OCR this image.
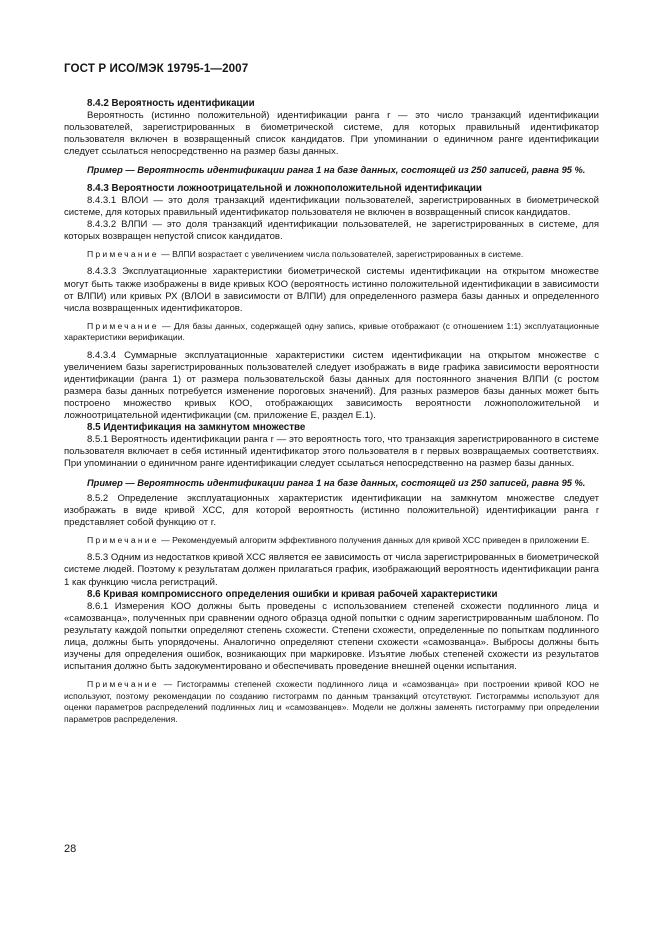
ГОСТ Р ИСО/МЭК 19795-1—2007

8.4.2 Вероятность идентификации

Вероятность (истинно положительной) идентификации ранга r — это число транзакций идентификации пользователей, зарегистрированных в биометрической системе, для которых правильный идентификатор пользователя включен в возвращенный список кандидатов. При упоминании о единичном ранге идентификации следует ссылаться непосредственно на размер базы данных.

Пример — Вероятность идентификации ранга 1 на базе данных, состоящей из 250 записей, равна 95 %.

8.4.3 Вероятности ложноотрицательной и ложноположительной идентификации

8.4.3.1 ВЛОИ — это доля транзакций идентификации пользователей, зарегистрированных в биометрической системе, для которых правильный идентификатор пользователя не включен в возвращенный список кандидатов.

8.4.3.2 ВЛПИ — это доля транзакций идентификации пользователей, не зарегистрированных в системе, для которых возвращен непустой список кандидатов.

Примечание — ВЛПИ возрастает с увеличением числа пользователей, зарегистрированных в системе.

8.4.3.3 Эксплуатационные характеристики биометрической системы идентификации на открытом множестве могут быть также изображены в виде кривых КОО (вероятность истинно положительной идентификации в зависимости от ВЛПИ) или кривых РХ (ВЛОИ в зависимости от ВЛПИ) для определенного размера базы данных и определенного числа возвращенных идентификаторов.

Примечание — Для базы данных, содержащей одну запись, кривые отображают (с отношением 1:1) эксплуатационные характеристики верификации.

8.4.3.4 Суммарные эксплуатационные характеристики систем идентификации на открытом множестве с увеличением базы зарегистрированных пользователей следует изображать в виде графика зависимости вероятности идентификации (ранга 1) от размера пользовательской базы данных для постоянного значения ВЛПИ (с ростом размера базы данных потребуется изменение пороговых значений). Для разных размеров базы данных может быть построено множество кривых КОО, отображающих зависимость вероятности ложноположительной и ложноотрицательной идентификации (см. приложение Е, раздел Е.1).

8.5 Идентификация на замкнутом множестве

8.5.1 Вероятность идентификации ранга r — это вероятность того, что транзакция зарегистрированного в системе пользователя включает в себя истинный идентификатор этого пользователя в r первых возвращаемых соответствиях. При упоминании о единичном ранге идентификации следует ссылаться непосредственно на размер базы данных.

Пример — Вероятность идентификации ранга 1 на базе данных, состоящей из 250 записей, равна 95 %.

8.5.2 Определение эксплуатационных характеристик идентификации на замкнутом множестве следует изображать в виде кривой ХСС, для которой вероятность (истинно положительной) идентификации ранга r представляет собой функцию от r.

Примечание — Рекомендуемый алгоритм эффективного получения данных для кривой ХСС приведен в приложении Е.

8.5.3 Одним из недостатков кривой ХСС является ее зависимость от числа зарегистрированных в биометрической системе людей. Поэтому к результатам должен прилагаться график, изображающий вероятность идентификации ранга 1 как функцию числа регистраций.

8.6 Кривая компромиссного определения ошибки и кривая рабочей характеристики

8.6.1 Измерения КОО должны быть проведены с использованием степеней схожести подлинного лица и «самозванца», полученных при сравнении одного образца одной попытки с одним зарегистрированным шаблоном. По результату каждой попытки определяют степень схожести. Степени схожести, определенные по попыткам подлинного лица, должны быть упорядочены. Аналогично определяют степени схожести «самозванца». Выбросы должны быть изучены для определения ошибок, возникающих при маркировке. Изъятие любых степеней схожести из результатов испытания должно быть задокументировано и обеспечивать проведение внешней оценки испытания.

Примечание — Гистограммы степеней схожести подлинного лица и «самозванца» при построении кривой КОО не используют, поэтому рекомендации по созданию гистограмм по данным транзакций отсутствуют. Гистограммы используют для оценки параметров распределений подлинных лиц и «самозванцев». Модели не должны заменять гистограмму при определении параметров распределения.

28
